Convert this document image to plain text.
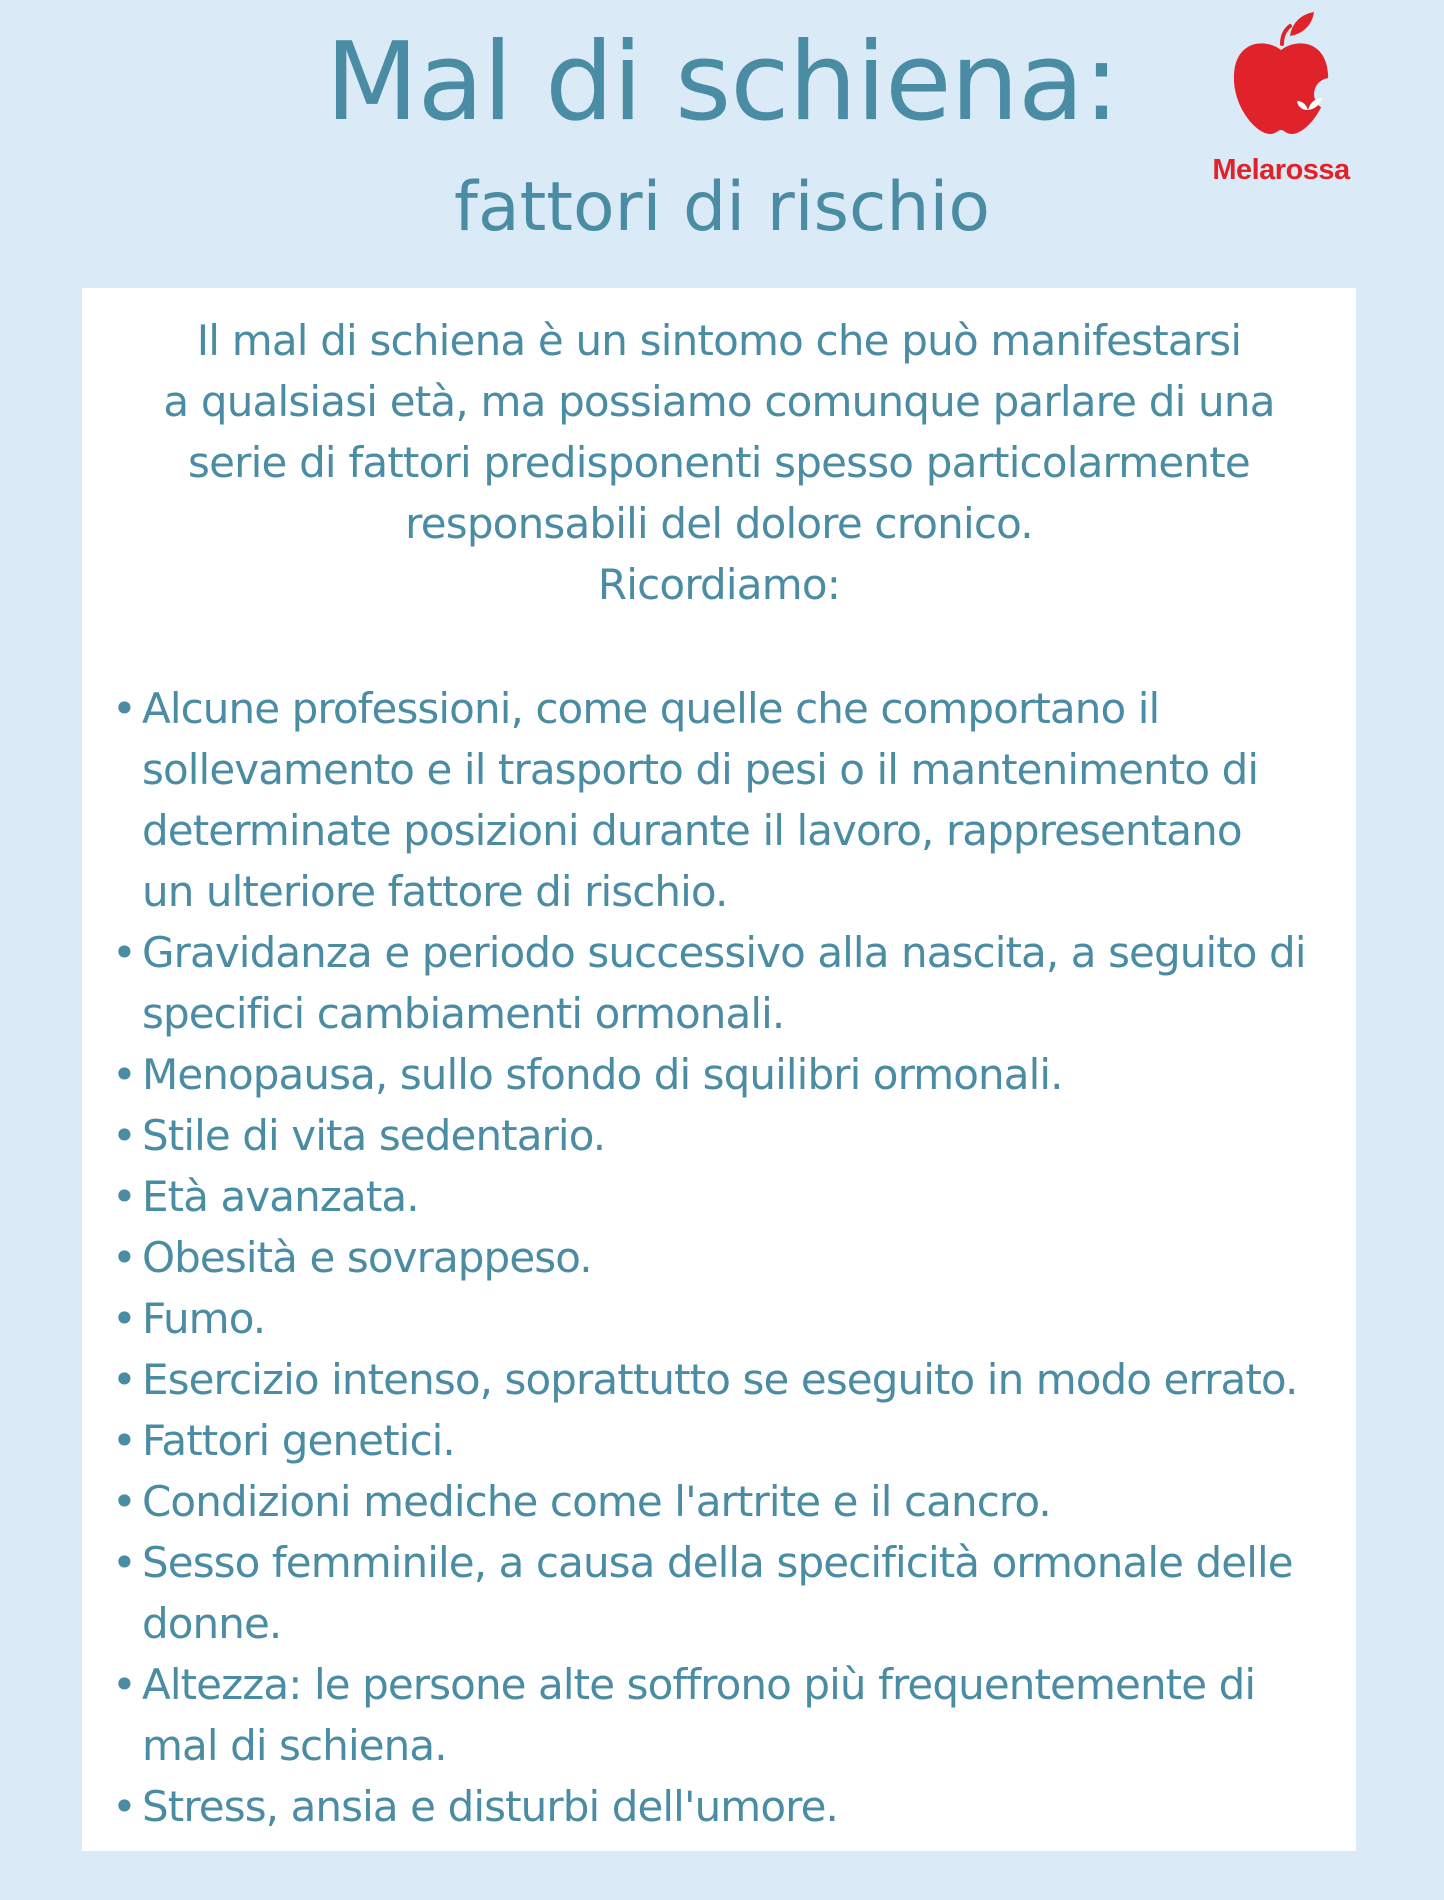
Mal di schiena:
fattori di rischio	Melarossa
Il mal di schiena è un sintomo che può manifestarsi
a qualsiasi età, ma possiamo comunque parlare di una
serie di fattori predisponenti spesso particolarmente
responsabili del dolore cronico.
Ricordiamo:
• Alcune professioni, come quelle che comportano il
sollevamento e il trasporto di pesi o il mantenimento di
determinate posizioni durante il lavoro, rappresentano
un ulteriore fattore di rischio.
• Gravidanza e periodo successivo alla nascita, a seguito di
specifici cambiamenti ormonali.
• Menopausa, sullo sfondo di squilibri ormonali.
• Stile di vita sedentario.
• Età avanzata.
• Obesità e sovrappeso.
• Fumo.
• Esercizio intenso, soprattutto se eseguito in modo errato.
• Fattori genetici.
• Condizioni mediche come l'artrite e il cancro.
• Sesso femminile, a causa della specificità ormonale delle
donne.
• Altezza: le persone alte soffrono più frequentemente di
mal di schiena.
• Stress, ansia e disturbi dell'umore.
